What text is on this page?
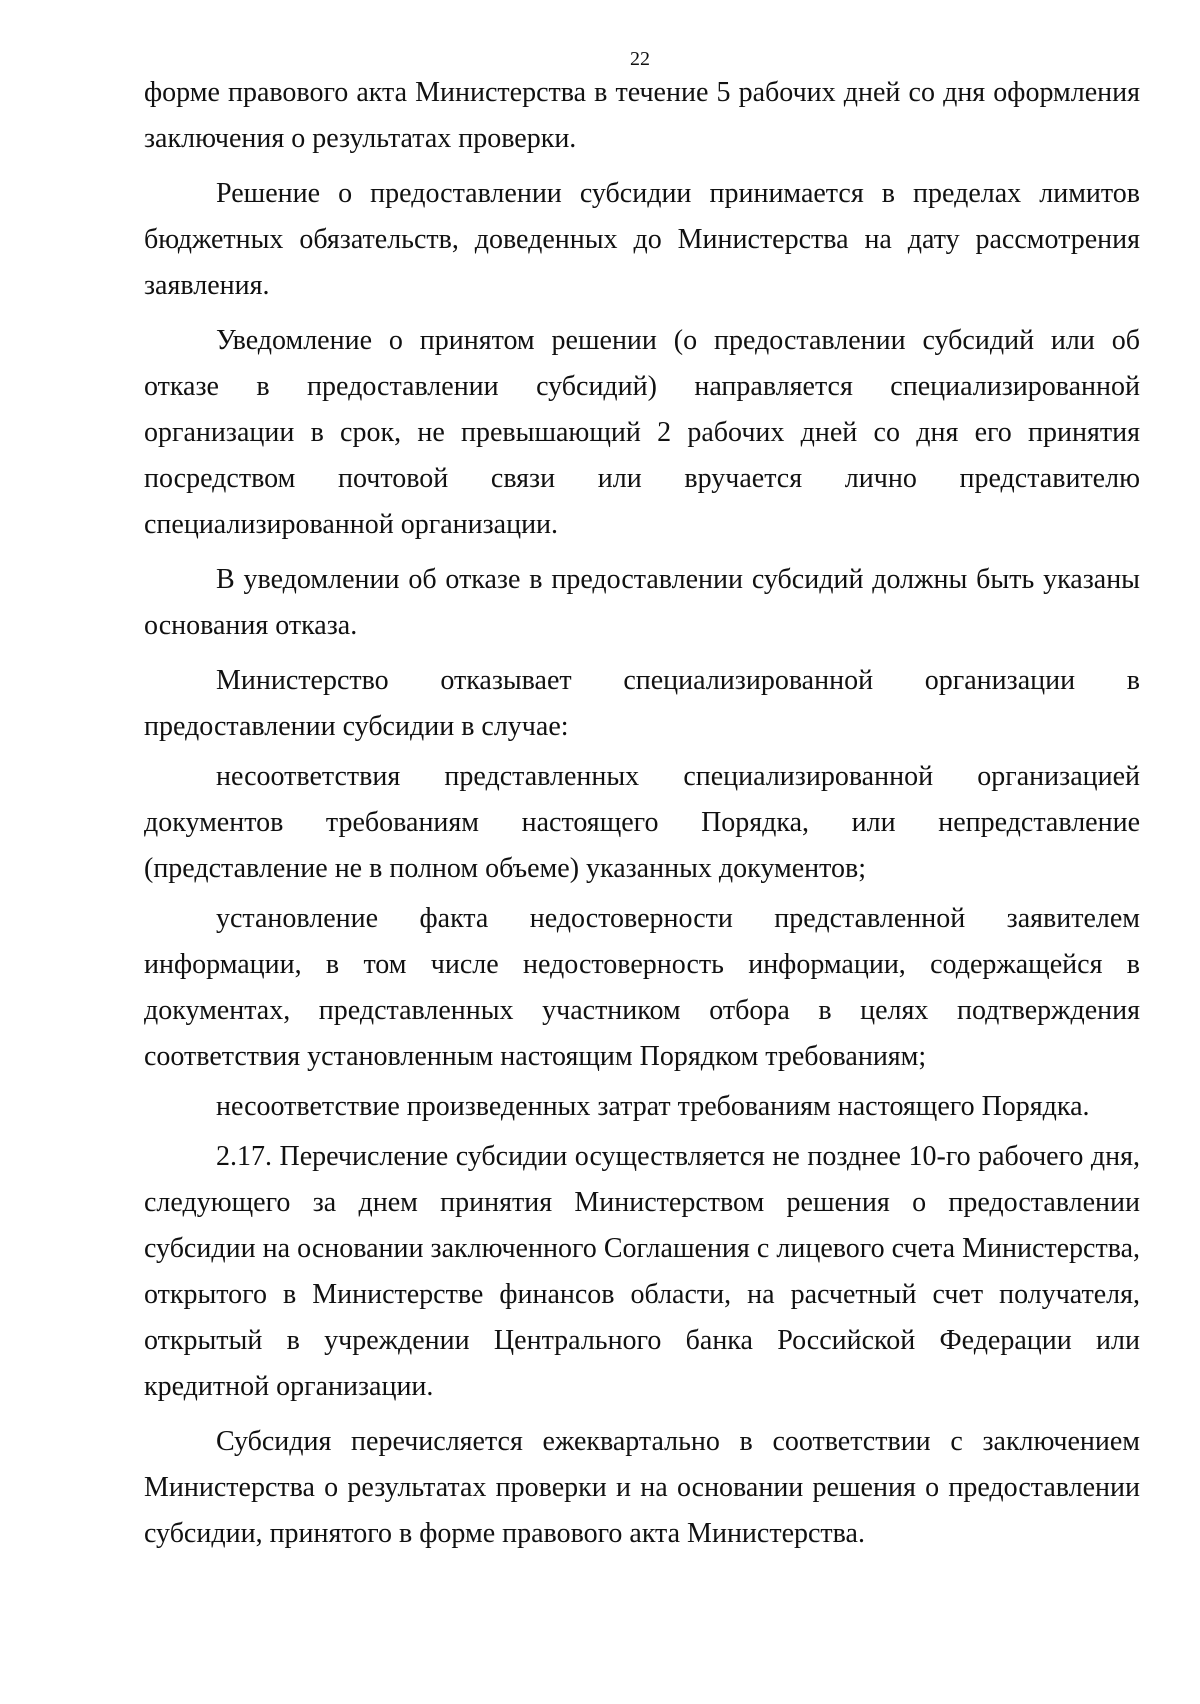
22

форме правового акта Министерства в течение 5 рабочих дней со дня оформления заключения о результатах проверки.

Решение о предоставлении субсидии принимается в пределах лимитов бюджетных обязательств, доведенных до Министерства на дату рассмотрения заявления.

Уведомление о принятом решении (о предоставлении субсидий или об отказе в предоставлении субсидий) направляется специализированной организации в срок, не превышающий 2 рабочих дней со дня его принятия посредством почтовой связи или вручается лично представителю специализированной организации.

В уведомлении об отказе в предоставлении субсидий должны быть указаны основания отказа.

Министерство отказывает специализированной организации в предоставлении субсидии в случае:

несоответствия представленных специализированной организацией документов требованиям настоящего Порядка, или непредставление (представление не в полном объеме) указанных документов;

установление факта недостоверности представленной заявителем информации, в том числе недостоверность информации, содержащейся в документах, представленных участником отбора в целях подтверждения соответствия установленным настоящим Порядком требованиям;

несоответствие произведенных затрат требованиям настоящего Порядка.

2.17. Перечисление субсидии осуществляется не позднее 10-го рабочего дня, следующего за днем принятия Министерством решения о предоставлении субсидии на основании заключенного Соглашения с лицевого счета Министерства, открытого в Министерстве финансов области, на расчетный счет получателя, открытый в учреждении Центрального банка Российской Федерации или кредитной организации.

Субсидия перечисляется ежеквартально в соответствии с заключением Министерства о результатах проверки и на основании решения о предоставлении субсидии, принятого в форме правового акта Министерства.
